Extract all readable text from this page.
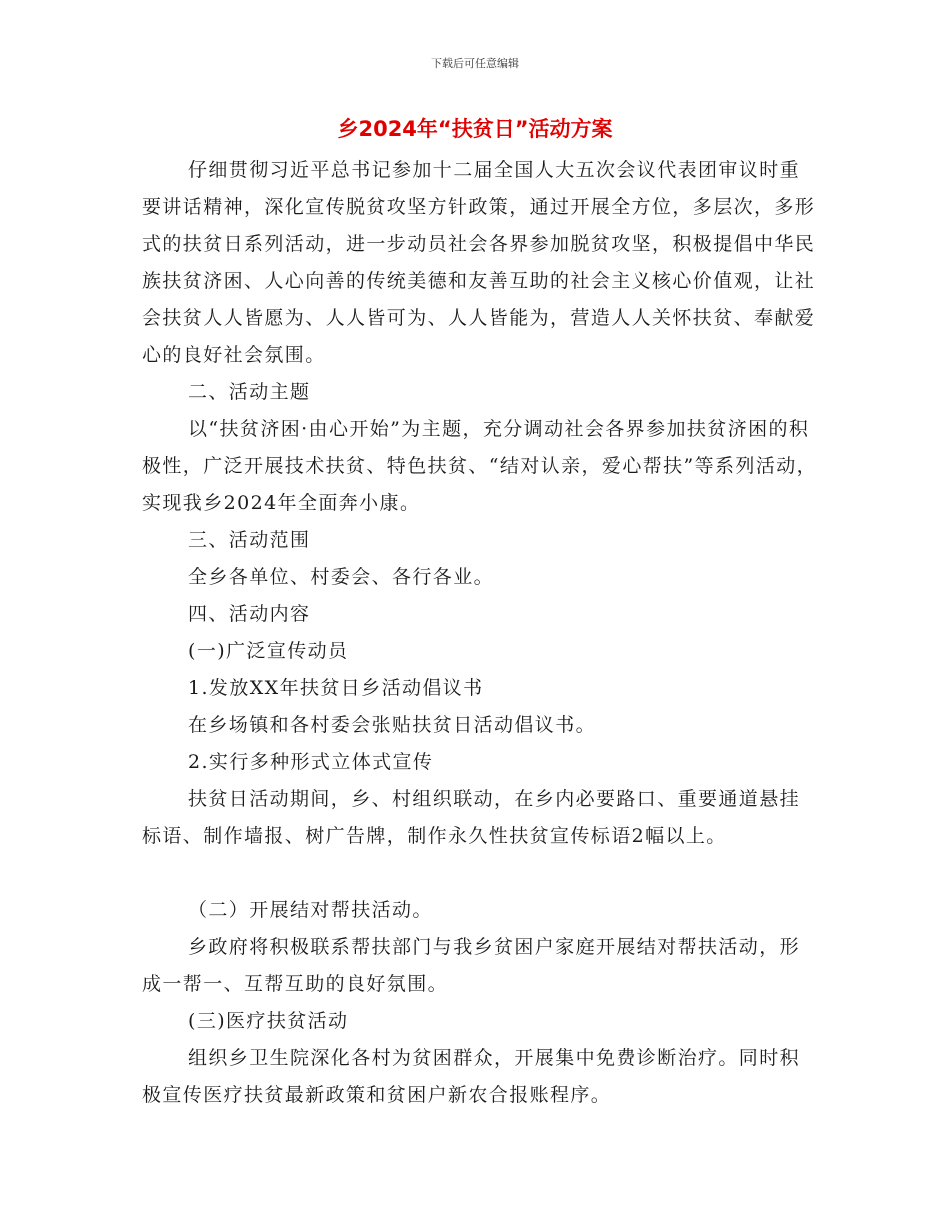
下载后可任意编辑
乡2024年“扶贫日”活动方案

仔细贯彻习近平总书记参加十二届全国人大五次会议代表团审议时重要讲话精神，深化宣传脱贫攻坚方针政策，通过开展全方位，多层次，多形式的扶贫日系列活动，进一步动员社会各界参加脱贫攻坚，积极提倡中华民族扶贫济困、人心向善的传统美德和友善互助的社会主义核心价值观，让社会扶贫人人皆愿为、人人皆可为、人人皆能为，营造人人关怀扶贫、奉献爱心的良好社会氛围。

二、活动主题

以“扶贫济困·由心开始”为主题，充分调动社会各界参加扶贫济困的积极性，广泛开展技术扶贫、特色扶贫、“结对认亲，爱心帮扶”等系列活动，实现我乡2024年全面奔小康。

三、活动范围

全乡各单位、村委会、各行各业。

四、活动内容

(一)广泛宣传动员

1.发放XX年扶贫日乡活动倡议书

在乡场镇和各村委会张贴扶贫日活动倡议书。

2.实行多种形式立体式宣传

扶贫日活动期间，乡、村组织联动，在乡内必要路口、重要通道悬挂标语、制作墙报、树广告牌，制作永久性扶贫宣传标语2幅以上。

（二）开展结对帮扶活动。

乡政府将积极联系帮扶部门与我乡贫困户家庭开展结对帮扶活动，形成一帮一、互帮互助的良好氛围。

(三)医疗扶贫活动

组织乡卫生院深化各村为贫困群众，开展集中免费诊断治疗。同时积极宣传医疗扶贫最新政策和贫困户新农合报账程序。
